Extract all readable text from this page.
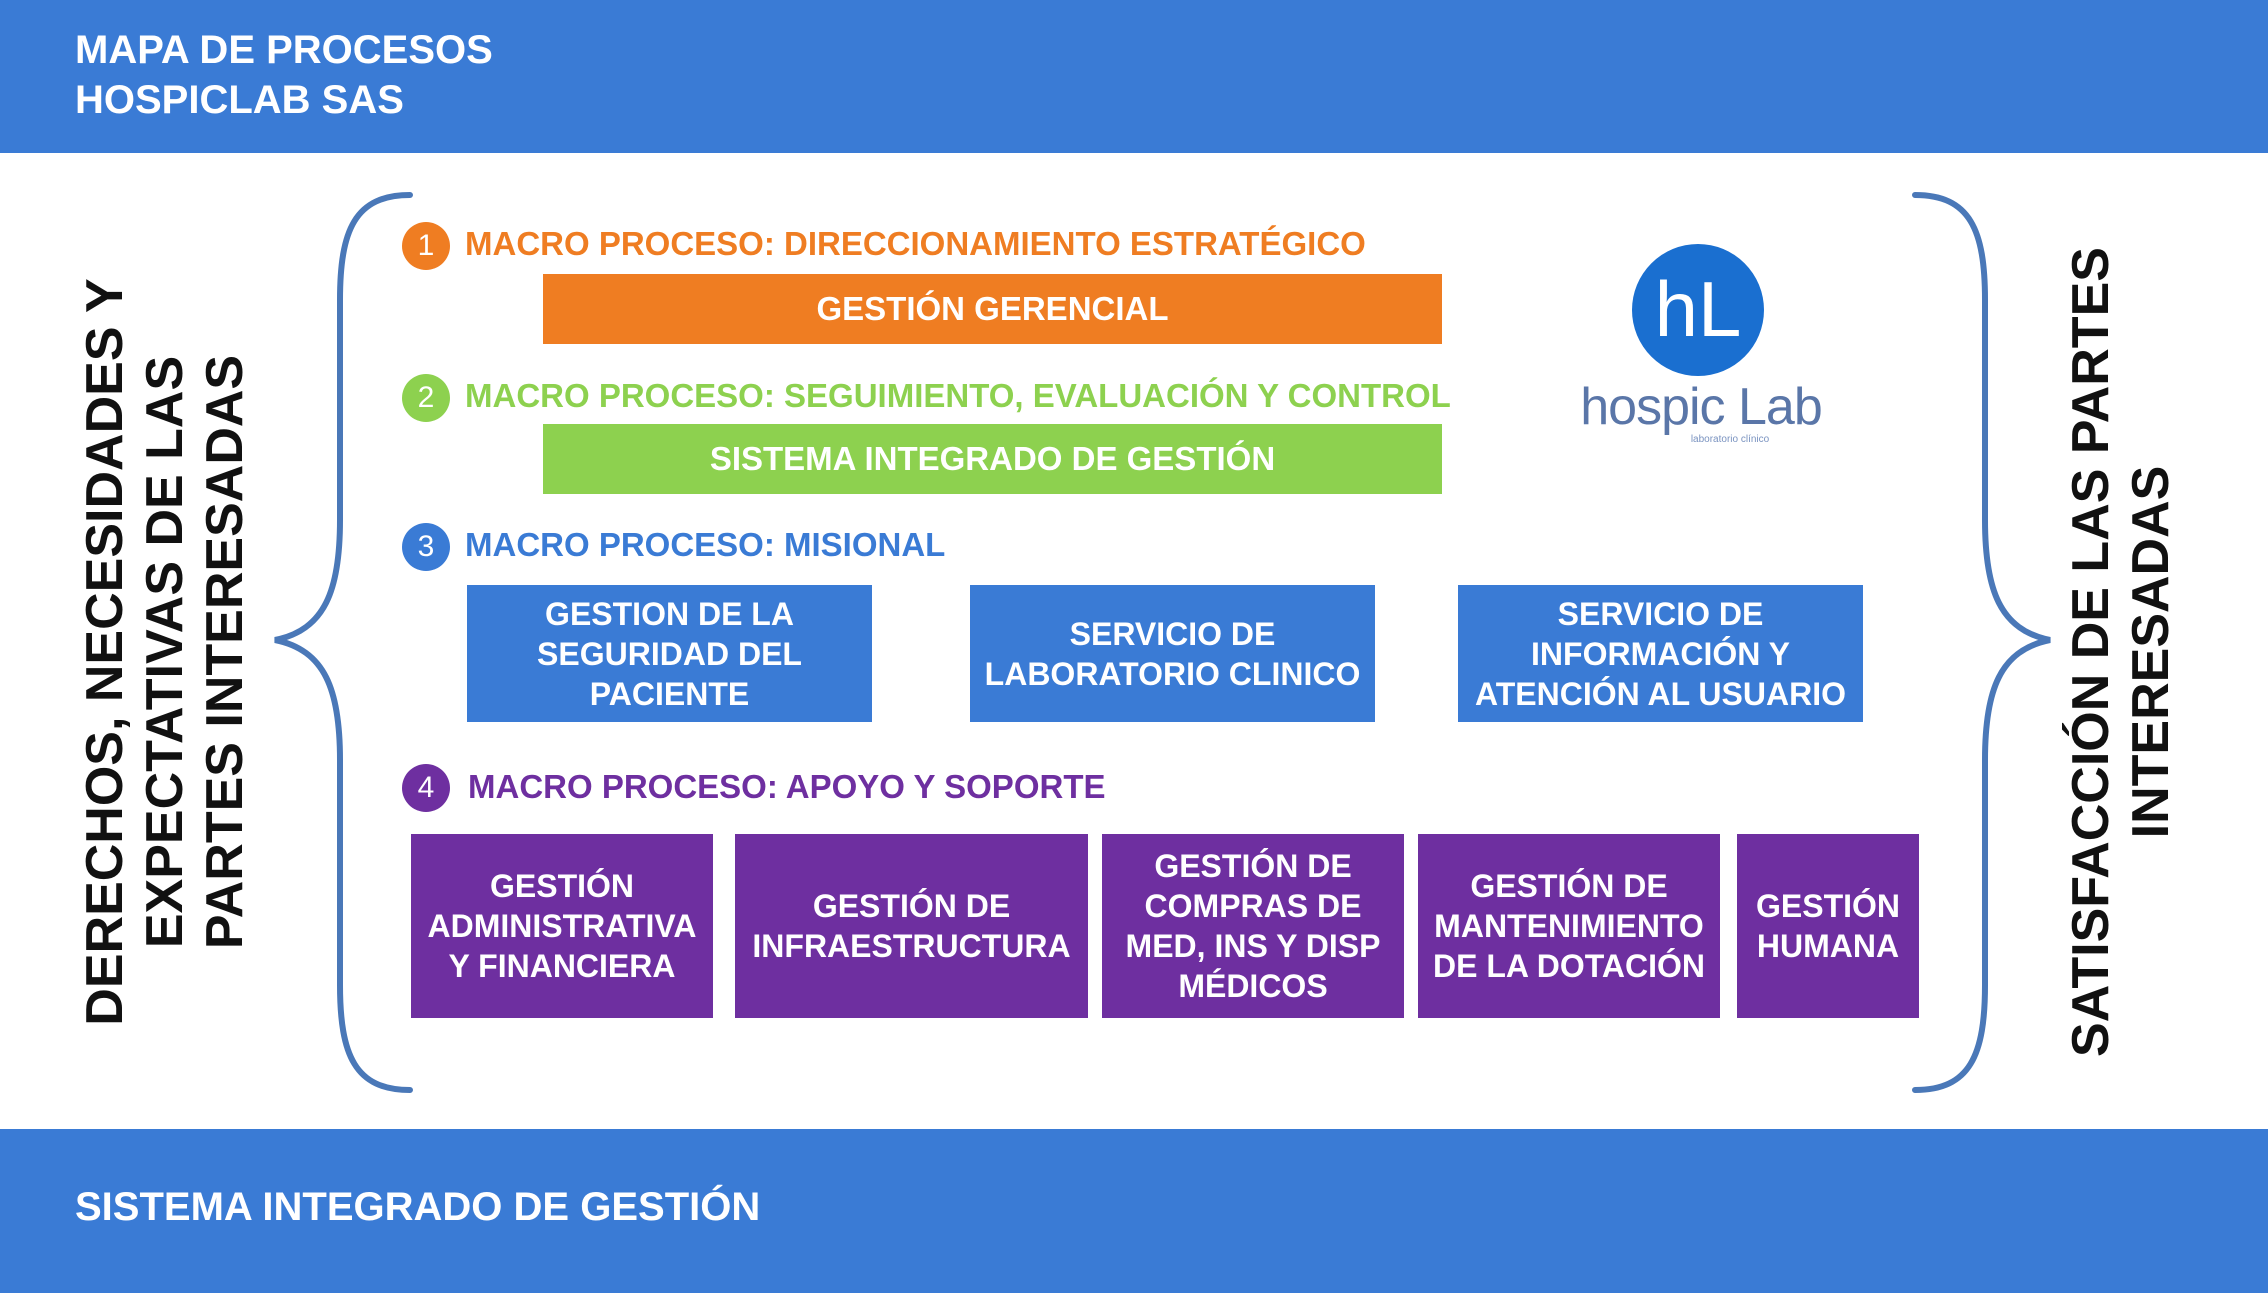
MAPA DE PROCESOS
HOSPICLAB SAS
SISTEMA INTEGRADO DE GESTIÓN
DERECHOS, NECESIDADES Y EXPECTATIVAS DE LAS PARTES INTERESADAS	SATISFACCIÓN DE LAS PARTES INTERESADAS
1 MACRO PROCESO: DIRECCIONAMIENTO ESTRATÉGICO
GESTIÓN GERENCIAL
2 MACRO PROCESO: SEGUIMIENTO, EVALUACIÓN Y CONTROL
SISTEMA INTEGRADO DE GESTIÓN
3 MACRO PROCESO: MISIONAL
GESTION DE LA
SEGURIDAD DEL
PACIENTE
SERVICIO DE
LABORATORIO CLINICO
SERVICIO DE
INFORMACIÓN Y
ATENCIÓN AL USUARIO
4	MACRO PROCESO: APOYO Y SOPORTE
GESTIÓN
ADMINISTRATIVA
Y FINANCIERA
GESTIÓN DE
INFRAESTRUCTURA
GESTIÓN DE
COMPRAS DE
MED, INS Y DISP
MÉDICOS
GESTIÓN DE
MANTENIMIENTO
DE LA DOTACIÓN
GESTIÓN
HUMANA
hL
hospic Lab
laboratorio clínico
